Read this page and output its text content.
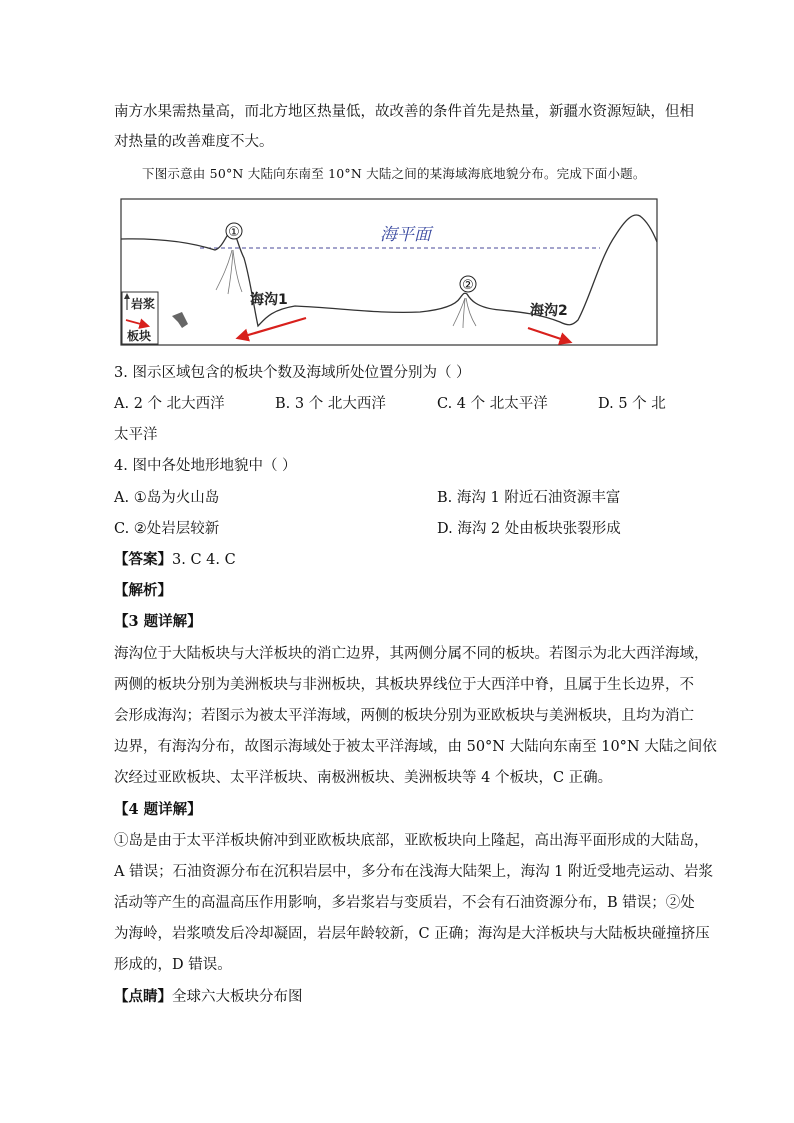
南方水果需热量高，而北方地区热量低，故改善的条件首先是热量，新疆水资源短缺，但相
对热量的改善难度不大。
下图示意由 50°N 大陆向东南至 10°N 大陆之间的某海域海底地貌分布。完成下面小题。
①
②
海平面
海沟1
海沟2
岩浆
板块
3. 图示区域包含的板块个数及海域所处位置分别为（ ）
A. 2 个 北大西洋	B. 3 个 北大西洋	C. 4 个 北太平洋	D. 5 个 北
太平洋
4. 图中各处地形地貌中（ ）
A. ①岛为火山岛	B. 海沟 1 附近石油资源丰富
C. ②处岩层较新	D. 海沟 2 处由板块张裂形成
【答案】3. C 4. C
【解析】
【3 题详解】
海沟位于大陆板块与大洋板块的消亡边界，其两侧分属不同的板块。若图示为北大西洋海域，
两侧的板块分别为美洲板块与非洲板块，其板块界线位于大西洋中脊，且属于生长边界，不
会形成海沟；若图示为被太平洋海域，两侧的板块分别为亚欧板块与美洲板块，且均为消亡
边界，有海沟分布，故图示海域处于被太平洋海域，由 50°N 大陆向东南至 10°N 大陆之间依
次经过亚欧板块、太平洋板块、南极洲板块、美洲板块等 4 个板块，C 正确。
【4 题详解】
①岛是由于太平洋板块俯冲到亚欧板块底部，亚欧板块向上隆起，高出海平面形成的大陆岛，
A 错误；石油资源分布在沉积岩层中，多分布在浅海大陆架上，海沟 1 附近受地壳运动、岩浆
活动等产生的高温高压作用影响，多岩浆岩与变质岩，不会有石油资源分布，B 错误；②处
为海岭，岩浆喷发后冷却凝固，岩层年龄较新，C 正确；海沟是大洋板块与大陆板块碰撞挤压
形成的，D 错误。
【点睛】全球六大板块分布图
